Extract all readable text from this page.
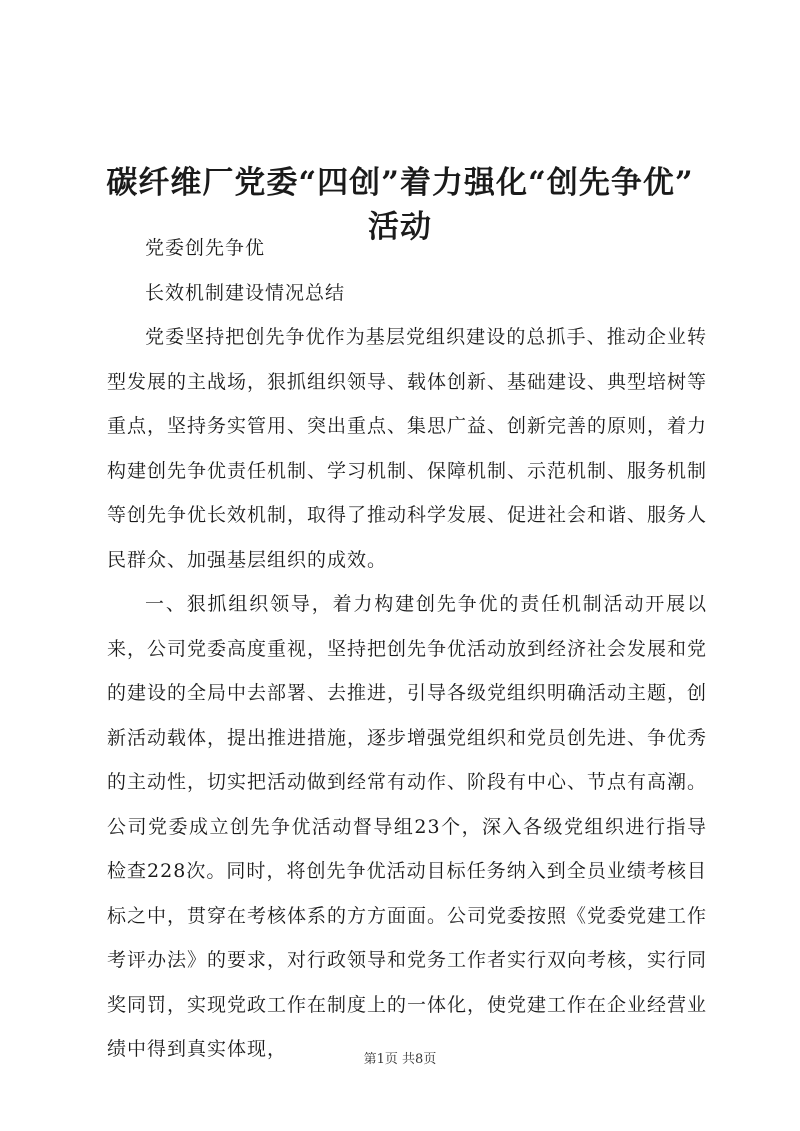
碳纤维厂党委“四创”着力强化“创先争优”
活动

党委创先争优

长效机制建设情况总结

党委坚持把创先争优作为基层党组织建设的总抓手、推动企业转型发展的主战场，狠抓组织领导、载体创新、基础建设、典型培树等重点，坚持务实管用、突出重点、集思广益、创新完善的原则，着力构建创先争优责任机制、学习机制、保障机制、示范机制、服务机制等创先争优长效机制，取得了推动科学发展、促进社会和谐、服务人民群众、加强基层组织的成效。

一、狠抓组织领导，着力构建创先争优的责任机制活动开展以来，公司党委高度重视，坚持把创先争优活动放到经济社会发展和党的建设的全局中去部署、去推进，引导各级党组织明确活动主题，创新活动载体，提出推进措施，逐步增强党组织和党员创先进、争优秀的主动性，切实把活动做到经常有动作、阶段有中心、节点有高潮。公司党委成立创先争优活动督导组23个，深入各级党组织进行指导检查228次。同时，将创先争优活动目标任务纳入到全员业绩考核目标之中，贯穿在考核体系的方方面面。公司党委按照《党委党建工作考评办法》的要求，对行政领导和党务工作者实行双向考核，实行同奖同罚，实现党政工作在制度上的一体化，使党建工作在企业经营业绩中得到真实体现，	第1页 共8页
